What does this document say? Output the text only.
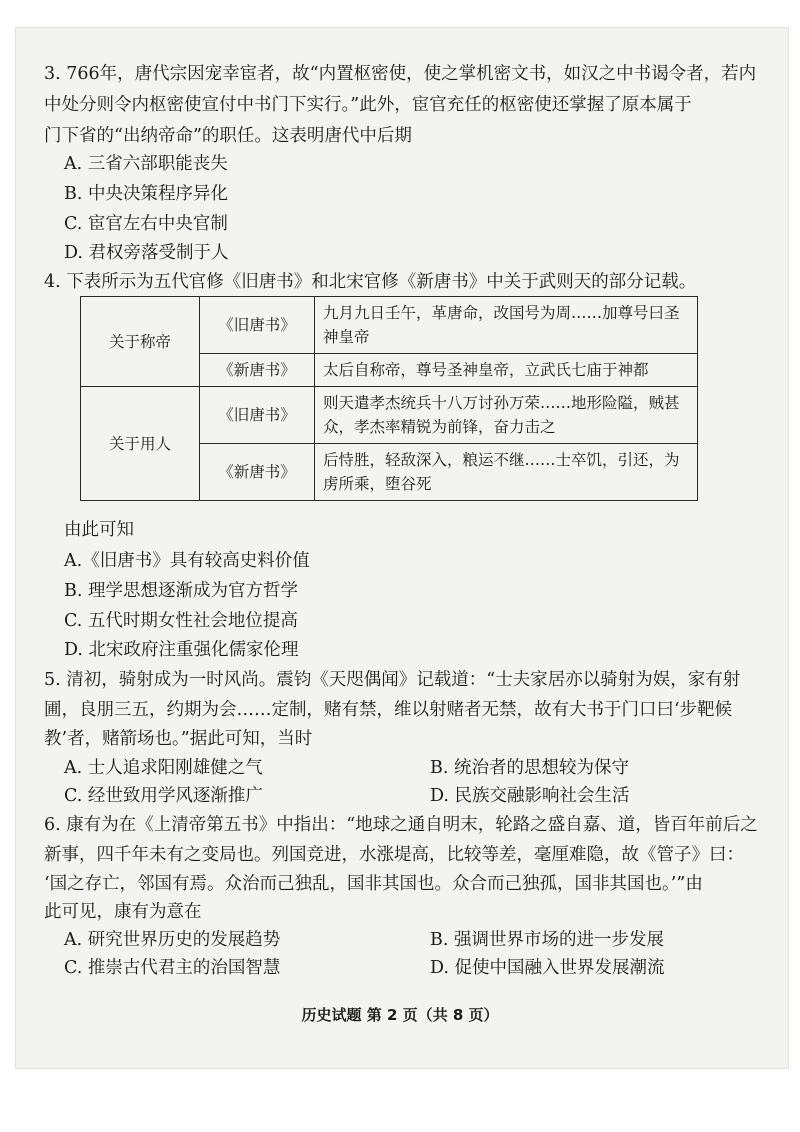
3. 766年，唐代宗因宠幸宦者，故“内置枢密使，使之掌机密文书，如汉之中书谒令者，若内
中处分则令内枢密使宣付中书门下实行。”此外，宦官充任的枢密使还掌握了原本属于
门下省的“出纳帝命”的职任。这表明唐代中后期
A. 三省六部职能丧失
B. 中央决策程序异化
C. 宦官左右中央官制
D. 君权旁落受制于人
4. 下表所示为五代官修《旧唐书》和北宋官修《新唐书》中关于武则天的部分记载。
关于称帝	《旧唐书》	九月九日壬午，革唐命，改国号为周……加尊号曰圣神皇帝
	《新唐书》	太后自称帝，尊号圣神皇帝，立武氏七庙于神都
关于用人	《旧唐书》	则天遣孝杰统兵十八万讨孙万荣……地形险隘，贼甚众，孝杰率精锐为前锋，奋力击之
	《新唐书》	后恃胜，轻敌深入，粮运不继……士卒饥，引还，为虏所乘，堕谷死
由此可知
A.《旧唐书》具有较高史料价值
B. 理学思想逐渐成为官方哲学
C. 五代时期女性社会地位提高
D. 北宋政府注重强化儒家伦理
5. 清初，骑射成为一时风尚。震钧《天咫偶闻》记载道：“士夫家居亦以骑射为娱，家有射
圃，良朋三五，约期为会……定制，赌有禁，维以射赌者无禁，故有大书于门口曰‘步靶候
教’者，赌箭场也。”据此可知，当时
A. 士人追求阳刚雄健之气	B. 统治者的思想较为保守
C. 经世致用学风逐渐推广	D. 民族交融影响社会生活
6. 康有为在《上清帝第五书》中指出：“地球之通自明末，轮路之盛自嘉、道，皆百年前后之
新事，四千年未有之变局也。列国竞进，水涨堤高，比较等差，毫厘难隐，故《管子》曰：
‘国之存亡，邻国有焉。众治而己独乱，国非其国也。众合而己独孤，国非其国也。’”由
此可见，康有为意在
A. 研究世界历史的发展趋势	B. 强调世界市场的进一步发展
C. 推崇古代君主的治国智慧	D. 促使中国融入世界发展潮流
历史试题 第 2 页（共 8 页）
